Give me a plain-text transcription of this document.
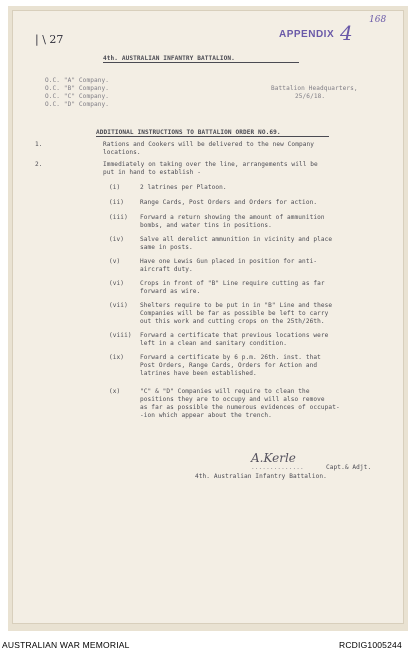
| \ 27	APPENDIX 4
168
4th. AUSTRALIAN INFANTRY BATTALION.
O.C. "A" Company.
O.C. "B" Company.
O.C. "C" Company.
O.C. "D" Company.
Battalion Headquarters,
25/6/18.
ADDITIONAL INSTRUCTIONS TO BATTALION ORDER NO.69.
1.	Rations and Cookers will be delivered to the new Company
locations.
2.	Immediately on taking over the line, arrangements will be
put in hand to establish -
(i)	2 latrines per Platoon.
(ii)	Range Cards, Post Orders and Orders for action.
(iii) Forward a return showing the amount of ammunition
bombs, and water tins in positions.
(iv)	Salve all derelict ammunition in vicinity and place
same in posts.
(v)	Have one Lewis Gun placed in position for anti-
aircraft duty.
(vi)	Crops in front of "B" Line require cutting as far
forward as wire.
(vii) Shelters require to be put in in "B" Line and these
Companies will be far as possible be left to carry
out this work and cutting crops on the 25th/26th.
(viii) Forward a certificate that previous locations were
left in a clean and sanitary condition.
(ix)	Forward a certificate by 6 p.m. 26th. inst. that
Post Orders, Range Cards, Orders for Action and
latrines have been established.
(x)	"C" & "D" Companies will require to clean the
positions they are to occupy and will also remove
as far as possible the numerous evidences of occupat-
-ion which appear about the trench.
A.Kerle
..............	Capt.& Adjt.
4th. Australian Infantry Battalion.
AUSTRALIAN WAR MEMORIAL	RCDIG1005244
